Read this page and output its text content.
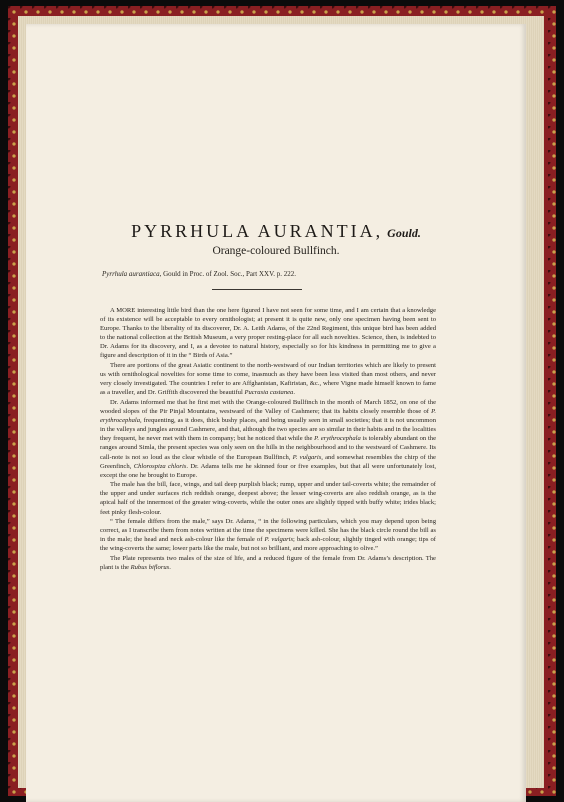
PYRRHULA AURANTIA, Gould.
Orange-coloured Bullfinch.
Pyrrhula aurantiaca, Gould in Proc. of Zool. Soc., Part XXV. p. 222.

A MORE interesting little bird than the one here figured I have not seen for some time, and I am certain that a knowledge of its existence will be acceptable to every ornithologist; at present it is quite new, only one specimen having been sent to Europe. Thanks to the liberality of its discoverer, Dr. A. Leith Adams, of the 22nd Regiment, this unique bird has been added to the national collection at the British Museum, a very proper resting-place for all such novelties. Science, then, is indebted to Dr. Adams for its discovery, and I, as a devotee to natural history, especially so for his kindness in permitting me to give a figure and description of it in the “ Birds of Asia.”

There are portions of the great Asiatic continent to the north-westward of our Indian territories which are likely to present us with ornithological novelties for some time to come, inasmuch as they have been less visited than most others, and never very closely investigated. The countries I refer to are Affghanistan, Kafiristan, &c., where Vigne made himself known to fame as a traveller, and Dr. Griffith discovered the beautiful Pucrasia castanea.

Dr. Adams informed me that he first met with the Orange-coloured Bullfinch in the month of March 1852, on one of the wooded slopes of the Pir Pinjal Mountains, westward of the Valley of Cashmere; that its habits closely resemble those of P. erythrocephala, frequenting, as it does, thick bushy places, and being usually seen in small societies; that it is not uncommon in the valleys and jungles around Cashmere, and that, although the two species are so similar in their habits and in the localities they frequent, he never met with them in company; but he noticed that while the P. erythrocephala is tolerably abundant on the ranges around Simla, the present species was only seen on the hills in the neighbourhood and to the westward of Cashmere. Its call-note is not so loud as the clear whistle of the European Bullfinch, P. vulgaris, and somewhat resembles the chirp of the Greenfinch, Chlorospiza chloris. Dr. Adams tells me he skinned four or five examples, but that all were unfortunately lost, except the one he brought to Europe.

The male has the bill, face, wings, and tail deep purplish black; rump, upper and under tail-coverts white; the remainder of the upper and under surfaces rich reddish orange, deepest above; the lesser wing-coverts are also reddish orange, as is the apical half of the innermost of the greater wing-coverts, while the outer ones are slightly tipped with buffy white; irides black; feet pinky flesh-colour.

“ The female differs from the male,” says Dr. Adams, “ in the following particulars, which you may depend upon being correct, as I transcribe them from notes written at the time the specimens were killed. She has the black circle round the bill as in the male; the head and neck ash-colour like the female of P. vulgaris; back ash-colour, slightly tinged with orange; tips of the wing-coverts the same; lower parts like the male, but not so brilliant, and more approaching to olive.”

The Plate represents two males of the size of life, and a reduced figure of the female from Dr. Adams’s description. The plant is the Rubus biflorus.
